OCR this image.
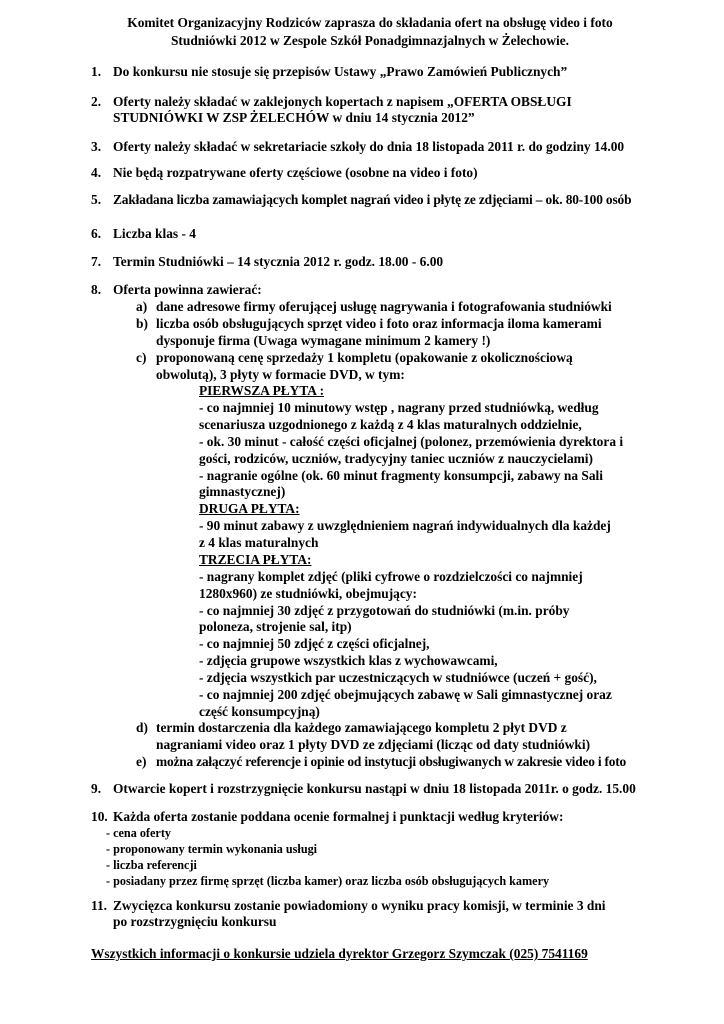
Komitet Organizacyjny Rodziców zaprasza do składania ofert na obsługę video i foto
Studniówki 2012 w Zespole Szkół Ponadgimnazjalnych w Żelechowie.
1. Do konkursu nie stosuje się przepisów Ustawy „Prawo Zamówień Publicznych”
2. Oferty należy składać w zaklejonych kopertach z napisem „OFERTA OBSŁUGI
STUDNIÓWKI W ZSP ŻELECHÓW w dniu 14 stycznia 2012”
3. Oferty należy składać w sekretariacie szkoły do dnia 18 listopada 2011 r. do godziny 14.00
4. Nie będą rozpatrywane oferty częściowe (osobne na video i foto)
5. Zakładana liczba zamawiających komplet nagrań video i płytę ze zdjęciami – ok. 80-100 osób
6. Liczba klas - 4
7. Termin Studniówki – 14 stycznia 2012 r. godz. 18.00 - 6.00
8. Oferta powinna zawierać:
a) dane adresowe firmy oferującej usługę nagrywania i fotografowania studniówki
b) liczba osób obsługujących sprzęt video i foto oraz informacja iloma kamerami
dysponuje firma (Uwaga wymagane minimum 2 kamery !)
c) proponowaną cenę sprzedaży 1 kompletu (opakowanie z okolicznościową
obwolutą), 3 płyty w formacie DVD, w tym:
PIERWSZA PŁYTA :
- co najmniej 10 minutowy wstęp , nagrany przed studniówką, według
scenariusza uzgodnionego z każdą z 4 klas maturalnych oddzielnie,
- ok. 30 minut - całość części oficjalnej (polonez, przemówienia dyrektora i
gości, rodziców, uczniów, tradycyjny taniec uczniów z nauczycielami)
- nagranie ogólne (ok. 60 minut fragmenty konsumpcji, zabawy na Sali
gimnastycznej)
DRUGA PŁYTA:
- 90 minut zabawy z uwzględnieniem nagrań indywidualnych dla każdej
z 4 klas maturalnych
TRZECIA PŁYTA:
- nagrany komplet zdjęć (pliki cyfrowe o rozdzielczości co najmniej
1280x960) ze studniówki, obejmujący:
- co najmniej 30 zdjęć z przygotowań do studniówki (m.in. próby
poloneza, strojenie sal, itp)
- co najmniej 50 zdjęć z części oficjalnej,
- zdjęcia grupowe wszystkich klas z wychowawcami,
- zdjęcia wszystkich par uczestniczących w studniówce (uczeń + gość),
- co najmniej 200 zdjęć obejmujących zabawę w Sali gimnastycznej oraz
część konsumpcyjną)
d) termin dostarczenia dla każdego zamawiającego kompletu 2 płyt DVD z
nagraniami video oraz 1 płyty DVD ze zdjęciami (licząc od daty studniówki)
e) można załączyć referencje i opinie od instytucji obsługiwanych w zakresie video i foto
9. Otwarcie kopert i rozstrzygnięcie konkursu nastąpi w dniu 18 listopada 2011r. o godz. 15.00
10. Każda oferta zostanie poddana ocenie formalnej i punktacji według kryteriów:
- cena oferty
- proponowany termin wykonania usługi
- liczba referencji
- posiadany przez firmę sprzęt (liczba kamer) oraz liczba osób obsługujących kamery
11. Zwycięzca konkursu zostanie powiadomiony o wyniku pracy komisji, w terminie 3 dni
po rozstrzygnięciu konkursu
Wszystkich informacji o konkursie udziela dyrektor Grzegorz Szymczak (025) 7541169
